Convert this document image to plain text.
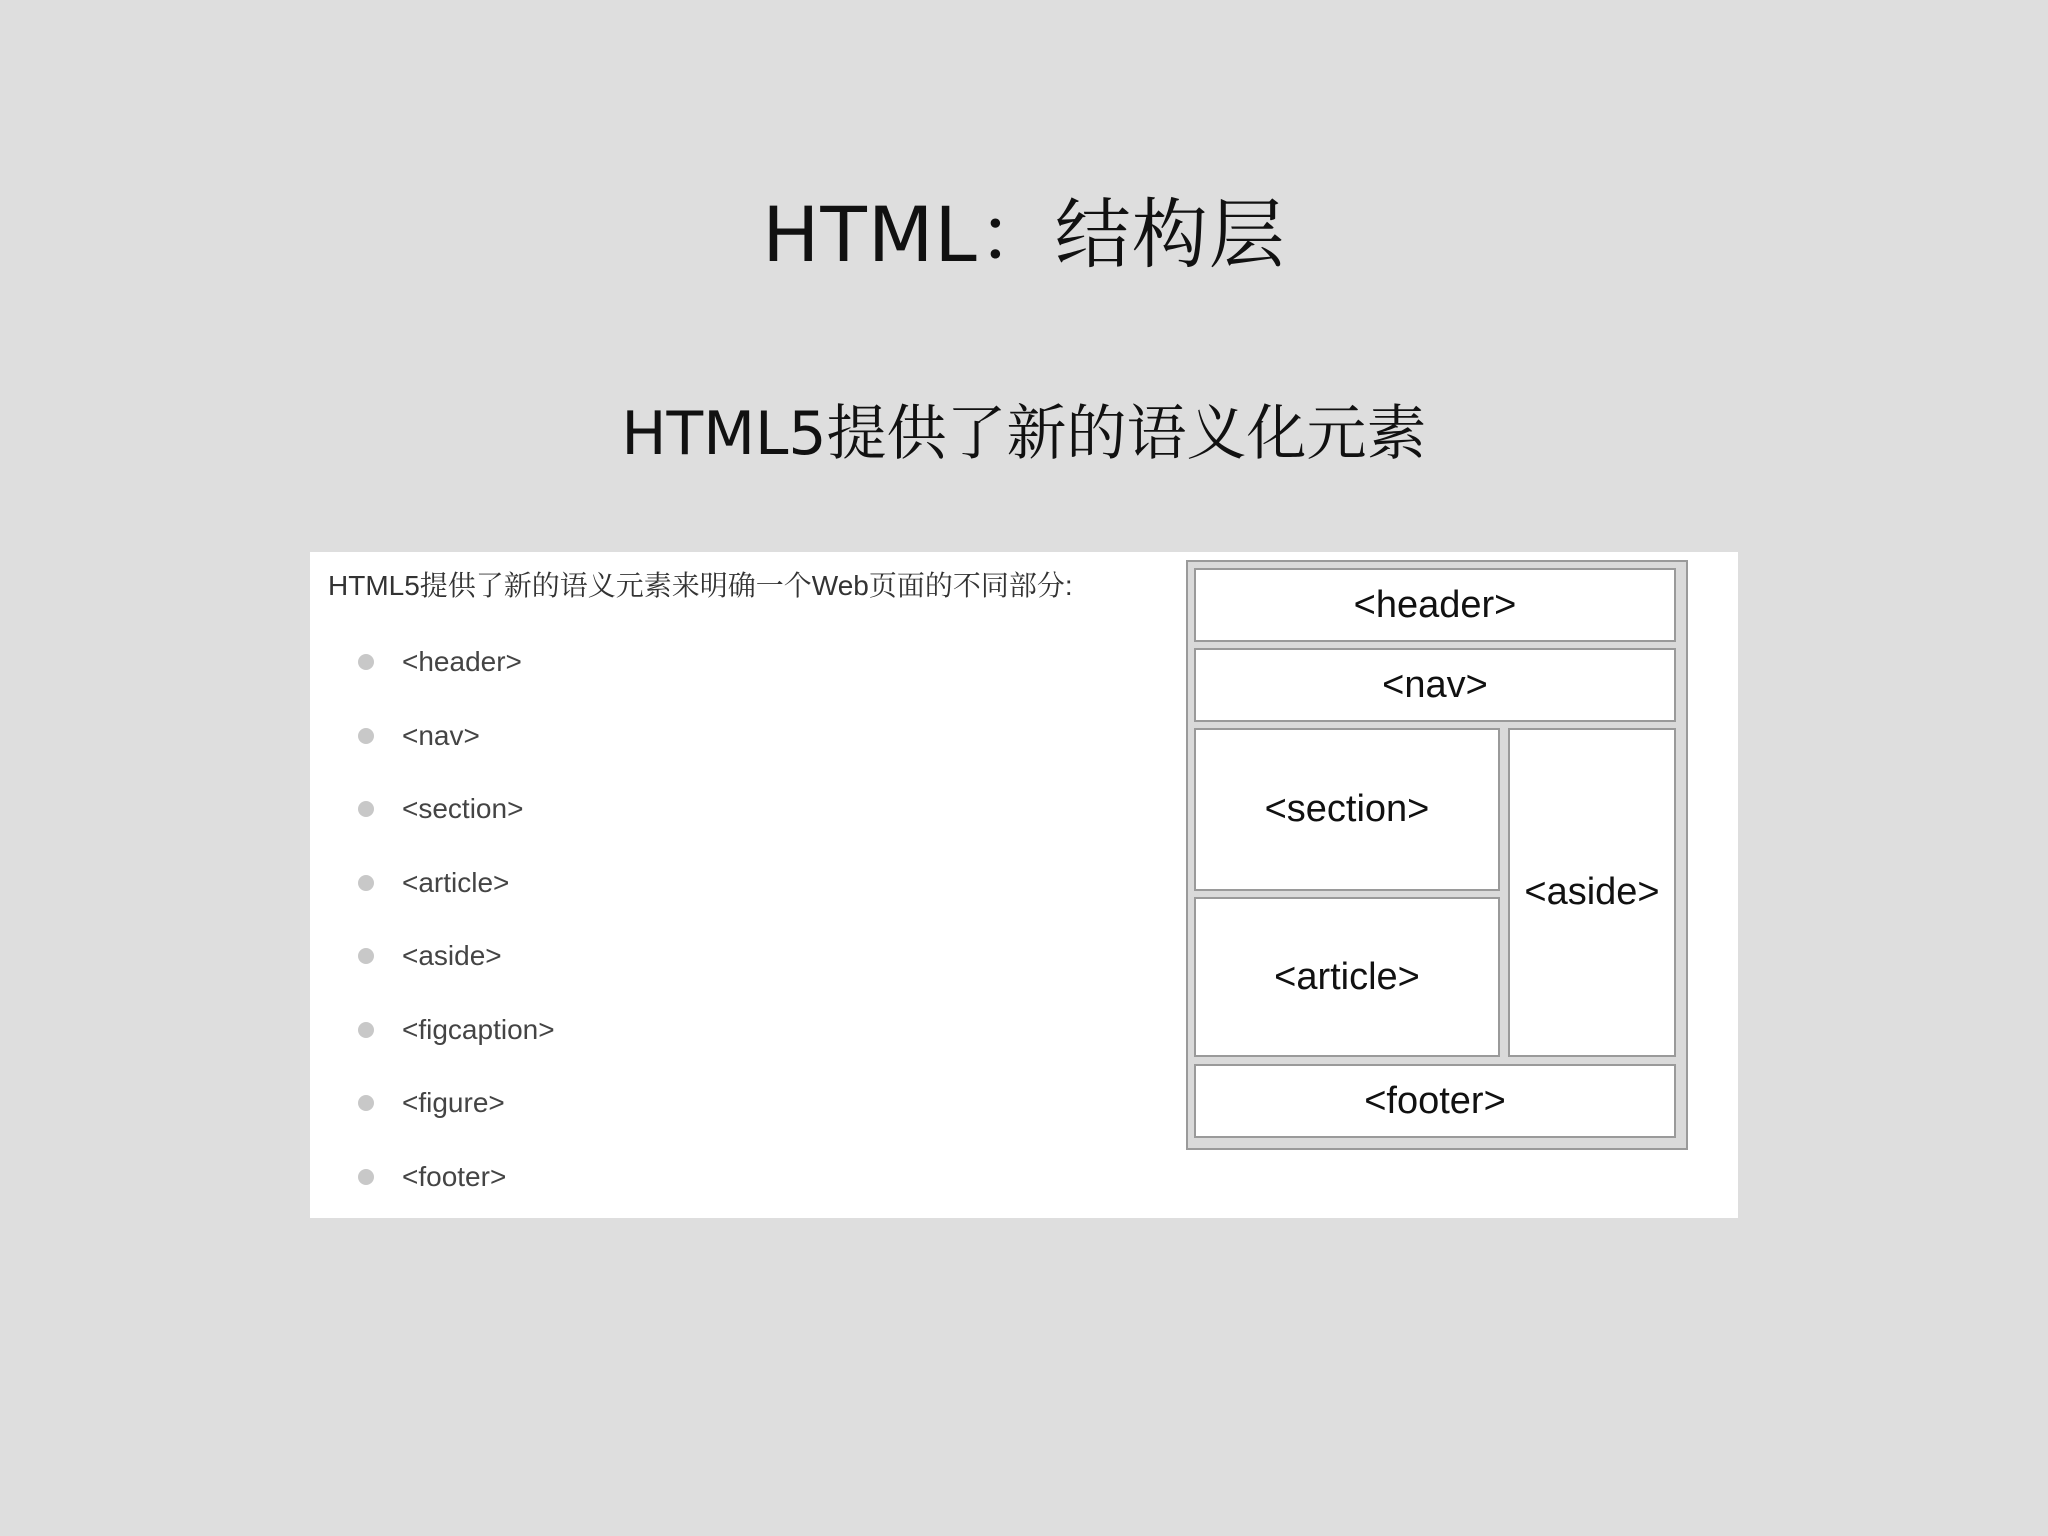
HTML：结构层
HTML5提供了新的语义化元素
HTML5提供了新的语义元素来明确一个Web页面的不同部分:
<header>
<nav>
<section>
<article>
<aside>
<figcaption>
<figure>
<footer>
<header>
<nav>
<section>
<article>
<aside>
<footer>
